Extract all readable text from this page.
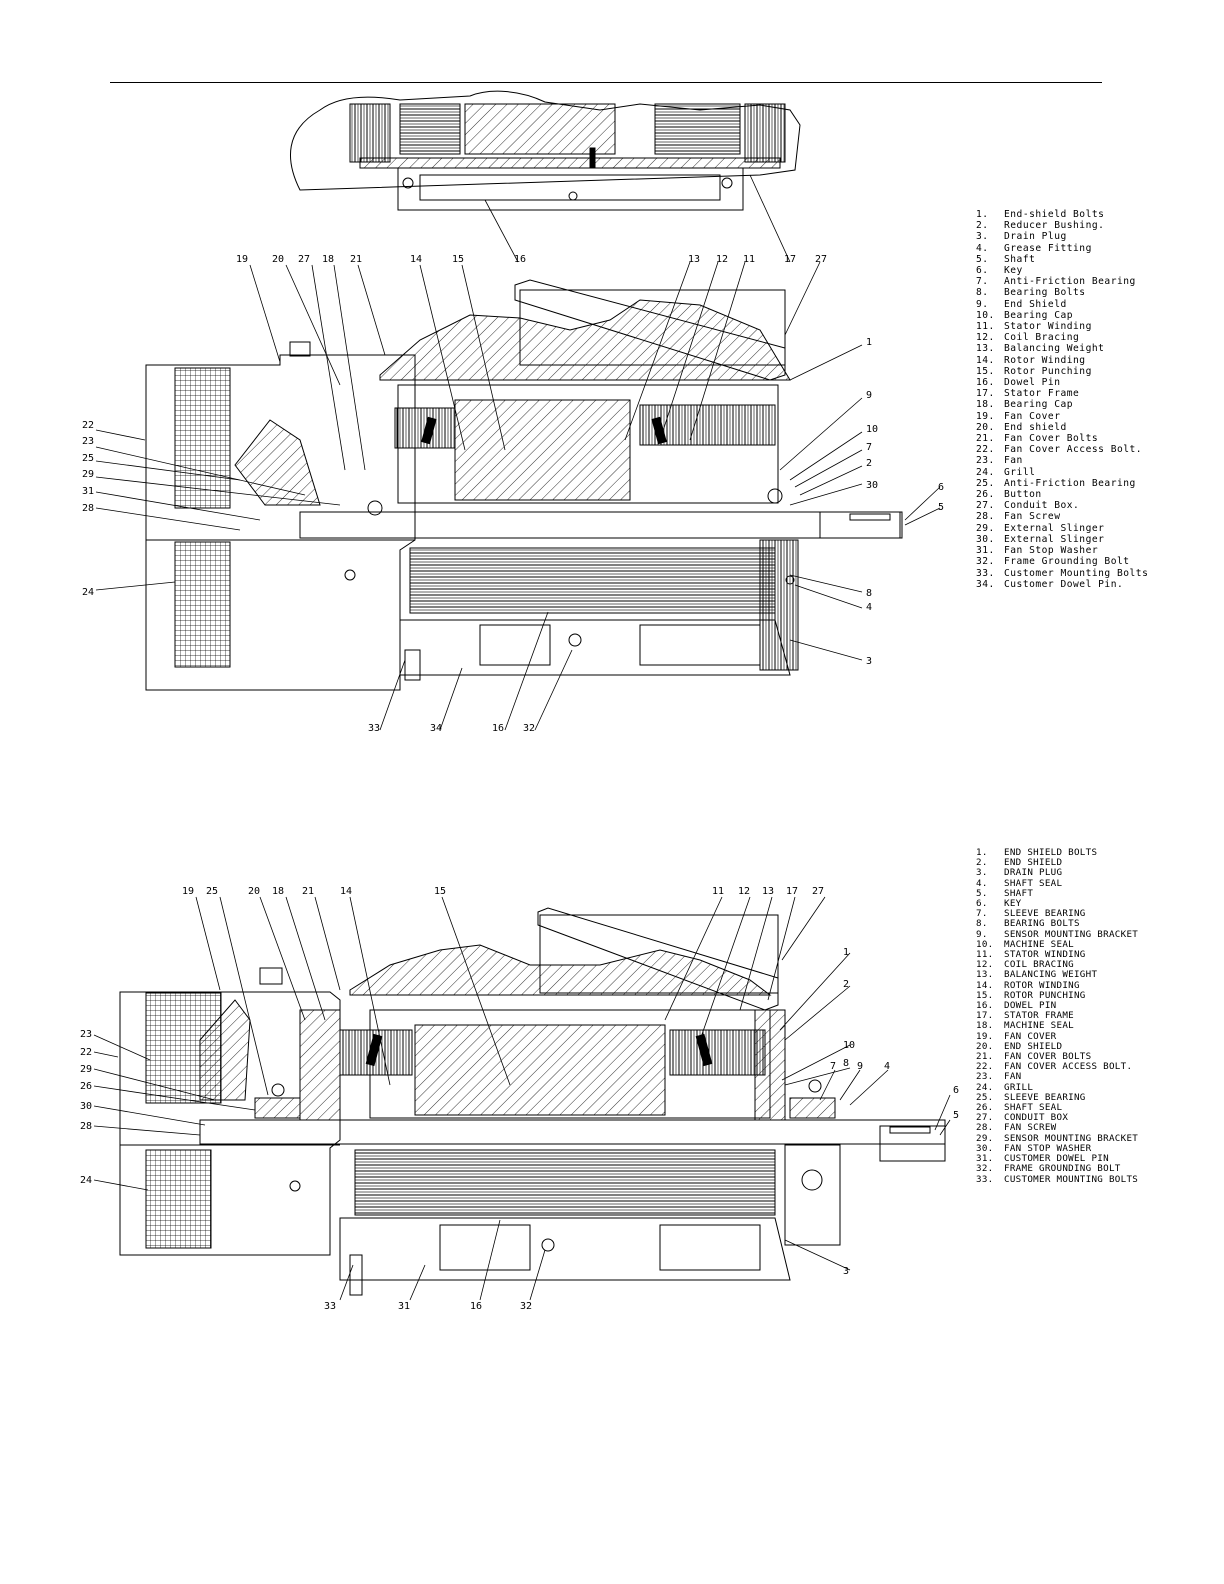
19 20 27 18 21	14	15	16	13 12 11	17 27
1
9
10
7
2
30	6
5
8
4
3
22
23
25
29
31
28
24
33	34	16 32
19 25	20 18 21	14	15	11 12 13 17 27
1
2
10
8
7 9 4
6
5
3
23
22
29
26
30
28
24
33	31	16	32
1. End-shield Bolts
2. Reducer Bushing.
3. Drain Plug
4. Grease Fitting
5. Shaft
6. Key
7. Anti-Friction Bearing
8. Bearing Bolts
9. End Shield
10. Bearing Cap
11. Stator Winding
12. Coil Bracing
13. Balancing Weight
14. Rotor Winding
15. Rotor Punching
16. Dowel Pin
17. Stator Frame
18. Bearing Cap
19. Fan Cover
20. End shield
21. Fan Cover Bolts
22. Fan Cover Access Bolt.
23. Fan
24. Grill
25. Anti-Friction Bearing
26. Button
27. Conduit Box.
28. Fan Screw
29. External Slinger
30. External Slinger
31. Fan Stop Washer
32. Frame Grounding Bolt
33. Customer Mounting Bolts
34. Customer Dowel Pin.
1. END SHIELD BOLTS
2. END SHIELD
3. DRAIN PLUG
4. SHAFT SEAL
5. SHAFT
6. KEY
7. SLEEVE BEARING
8. BEARING BOLTS
9. SENSOR MOUNTING BRACKET
10. MACHINE SEAL
11. STATOR WINDING
12. COIL BRACING
13. BALANCING WEIGHT
14. ROTOR WINDING
15. ROTOR PUNCHING
16. DOWEL PIN
17. STATOR FRAME
18. MACHINE SEAL
19. FAN COVER
20. END SHIELD
21. FAN COVER BOLTS
22. FAN COVER ACCESS BOLT.
23. FAN
24. GRILL
25. SLEEVE BEARING
26. SHAFT SEAL
27. CONDUIT BOX
28. FAN SCREW
29. SENSOR MOUNTING BRACKET
30. FAN STOP WASHER
31. CUSTOMER DOWEL PIN
32. FRAME GROUNDING BOLT
33. CUSTOMER MOUNTING BOLTS
